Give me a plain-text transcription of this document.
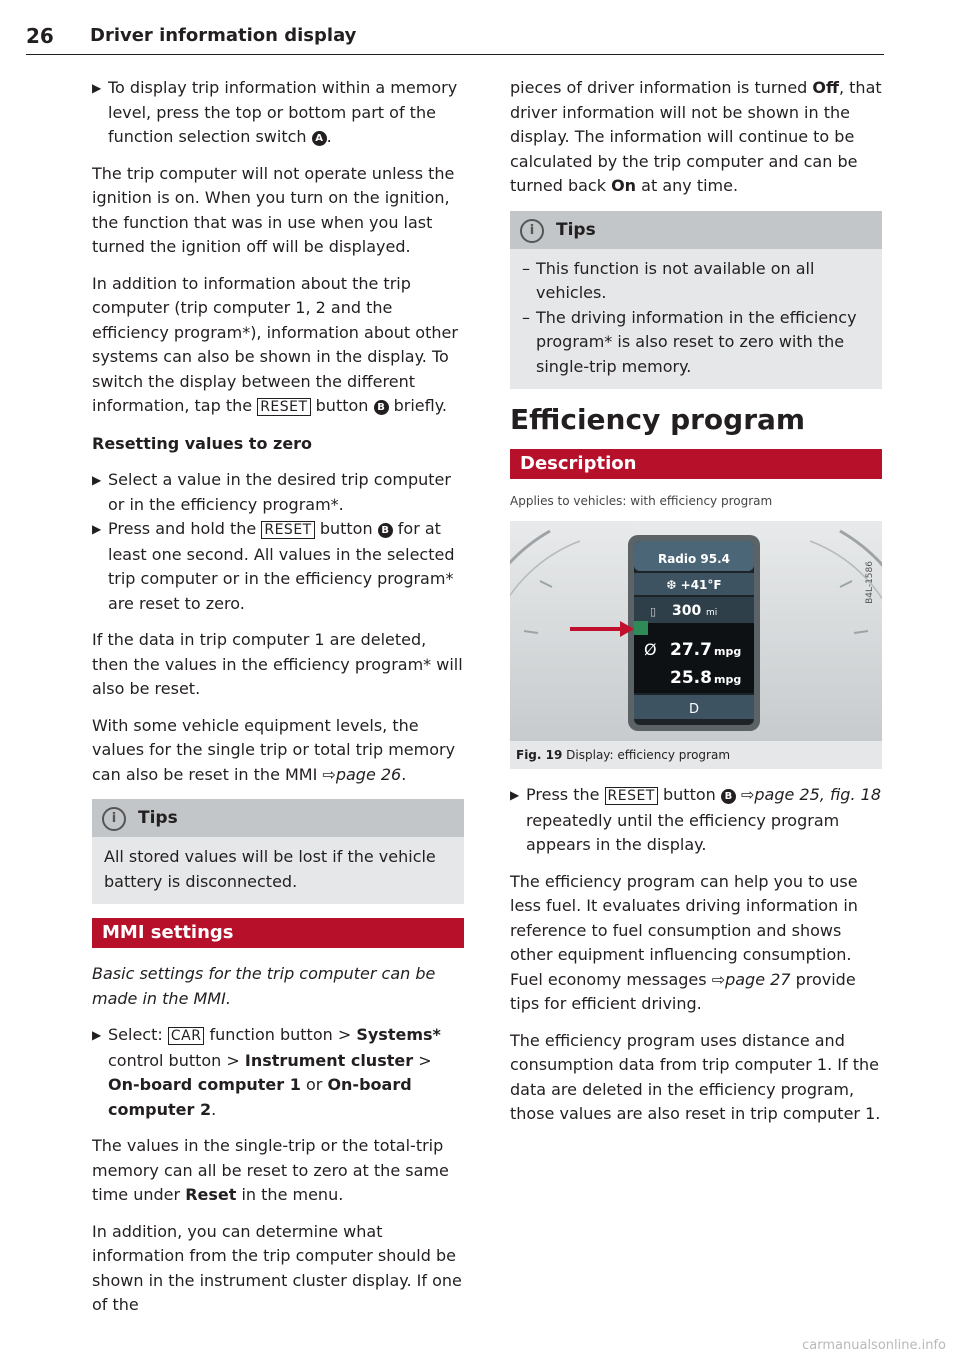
26 Driver information display
▶ To display trip information within a memory level, press the top or bottom part of the function selection switch A .

The trip computer will not operate unless the ignition is on. When you turn on the ignition, the function that was in use when you last turned the ignition off will be displayed.

In addition to information about the trip computer (trip computer 1, 2 and the efficiency program*), information about other systems can also be shown in the display. To switch the display between the different information, tap the RESET button B briefly.

Resetting values to zero
▶ Select a value in the desired trip computer or in the efficiency program*.
▶ Press and hold the RESET button B for at least one second. All values in the selected trip computer or in the efficiency program* are reset to zero.

If the data in trip computer 1 are deleted, then the values in the efficiency program* will also be reset.

With some vehicle equipment levels, the values for the single trip or total trip memory can also be reset in the MMI ⇨page 26.

i Tips
All stored values will be lost if the vehicle battery is disconnected.
MMI settings

Basic settings for the trip computer can be made in the MMI.

▶ Select: CAR function button > Systems* control button > Instrument cluster > On-board computer 1 or On-board computer 2.

The values in the single-trip or the total-trip memory can all be reset to zero at the same time under Reset in the menu.

In addition, you can determine what information from the trip computer should be shown in the instrument cluster display. If one of the

pieces of driver information is turned Off, that driver information will not be shown in the display. The information will continue to be calculated by the trip computer and can be turned back On at any time.

i Tips
– This function is not available on all vehicles.
– The driving information in the efficiency program* is also reset to zero with the single-trip memory.
Efficiency program
Description
Applies to vehicles: with efficiency program
Radio 95.4
❆ +41°F
▯ 300 mi
Ø 27.7 mpg
25.8 mpg
D
B4L-1586
Fig. 19 Display: efficiency program
▶ Press the RESET button B ⇨page 25, fig. 18 repeatedly until the efficiency program appears in the display.

The efficiency program can help you to use less fuel. It evaluates driving information in reference to fuel consumption and shows other equipment influencing consumption. Fuel economy messages ⇨page 27 provide tips for efficient driving.

The efficiency program uses distance and consumption data from trip computer 1. If the data are deleted in the efficiency program, those values are also reset in trip computer 1.

carmanualsonline.info
